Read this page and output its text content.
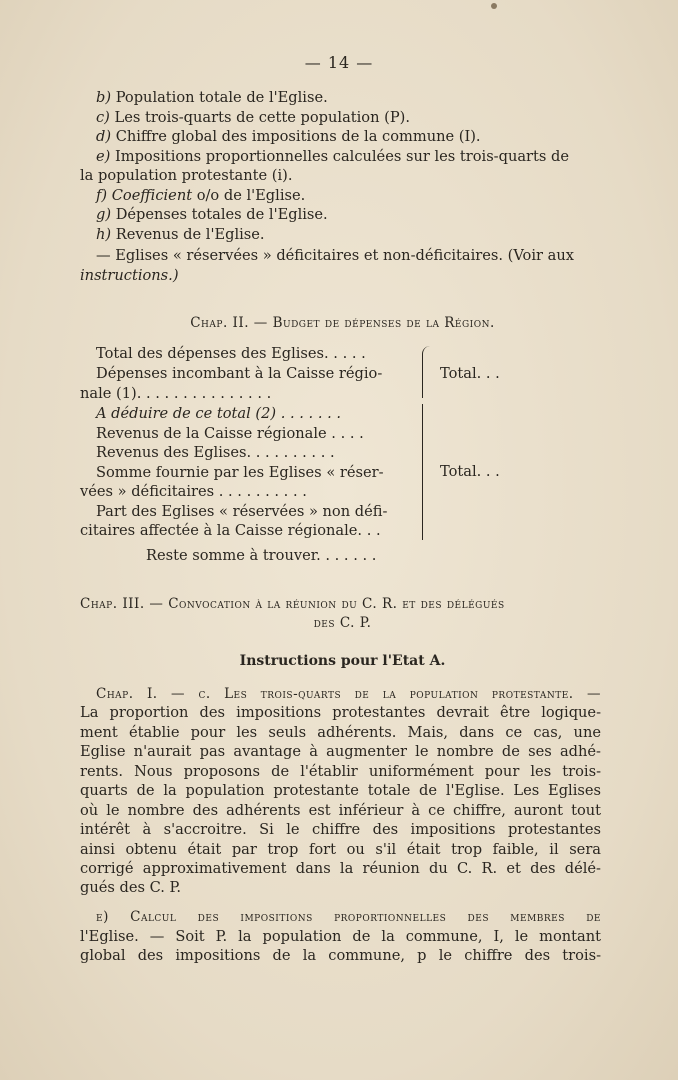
— 14 —
b) Population totale de l'Eglise.
c) Les trois-quarts de cette population (P).
d) Chiffre global des impositions de la commune (I).
e) Impositions proportionnelles calculées sur les trois-quarts de
la population protestante (i).
f) Coefficient o/o de l'Eglise.
g) Dépenses totales de l'Eglise.
h) Revenus de l'Eglise.
— Eglises « réservées » déficitaires et non-déficitaires. (Voir aux
instructions.)
Chap. II. — Budget de dépenses de la Région.
Total des dépenses des Eglises. . . . .
Dépenses incombant à la Caisse régio-
nale (1). . . . . . . . . . . . . . .
Total. . .
A déduire de ce total (2) . . . . . . .
Revenus de la Caisse régionale . . . .
Revenus des Eglises. . . . . . . . . .
Somme fournie par les Eglises « réser-
vées » déficitaires . . . . . . . . . .
Part des Eglises « réservées » non défi-
citaires affectée à la Caisse régionale. . .
Total. . .
Reste somme à trouver. . . . . . .
Chap. III. — Convocation à la réunion du C. R. et des délégués
des C. P.
Instructions pour l'Etat A.
Chap. I. — c. Les trois-quarts de la population protestante. —
La proportion des impositions protestantes devrait être logique-
ment établie pour les seuls adhérents. Mais, dans ce cas, une
Eglise n'aurait pas avantage à augmenter le nombre de ses adhé-
rents. Nous proposons de l'établir uniformément pour les trois-
quarts de la population protestante totale de l'Eglise. Les Eglises
où le nombre des adhérents est inférieur à ce chiffre, auront tout
intérêt à s'accroitre. Si le chiffre des impositions protestantes
ainsi obtenu était par trop fort ou s'il était trop faible, il sera
corrigé approximativement dans la réunion du C. R. et des délé-
gués des C. P.
e) Calcul des impositions proportionnelles des membres de
l'Eglise. — Soit P. la population de la commune, I, le montant
global des impositions de la commune, p le chiffre des trois-
